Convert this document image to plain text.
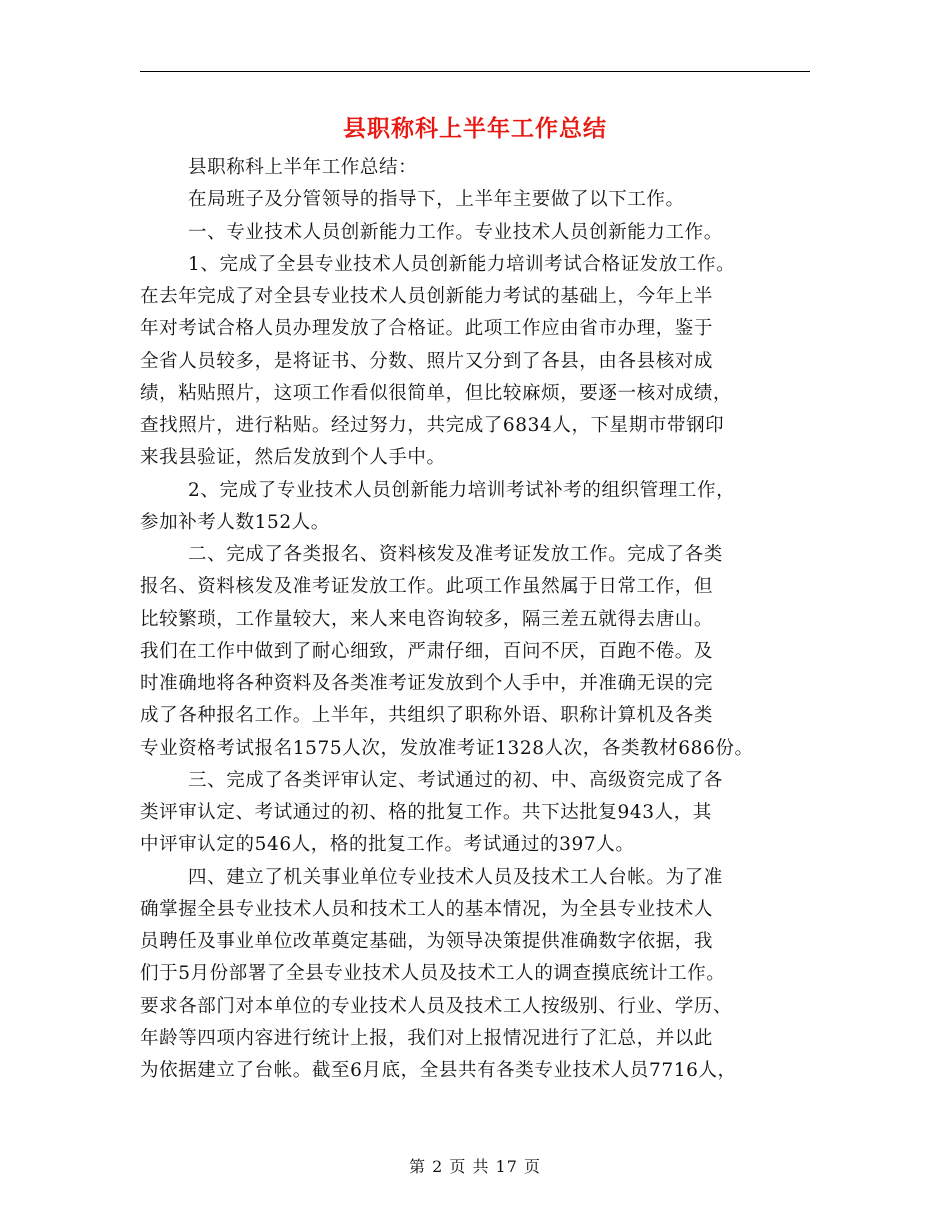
县职称科上半年工作总结
县职称科上半年工作总结：
在局班子及分管领导的指导下，上半年主要做了以下工作。
一、专业技术人员创新能力工作。专业技术人员创新能力工作。
1、完成了全县专业技术人员创新能力培训考试合格证发放工作。
在去年完成了对全县专业技术人员创新能力考试的基础上，今年上半
年对考试合格人员办理发放了合格证。此项工作应由省市办理，鉴于
全省人员较多，是将证书、分数、照片又分到了各县，由各县核对成
绩，粘贴照片，这项工作看似很简单，但比较麻烦，要逐一核对成绩，
查找照片，进行粘贴。经过努力，共完成了6834人，下星期市带钢印
来我县验证，然后发放到个人手中。
2、完成了专业技术人员创新能力培训考试补考的组织管理工作，
参加补考人数152人。
二、完成了各类报名、资料核发及准考证发放工作。完成了各类
报名、资料核发及准考证发放工作。此项工作虽然属于日常工作，但
比较繁琐，工作量较大，来人来电咨询较多，隔三差五就得去唐山。
我们在工作中做到了耐心细致，严肃仔细，百问不厌，百跑不倦。及
时准确地将各种资料及各类准考证发放到个人手中，并准确无误的完
成了各种报名工作。上半年，共组织了职称外语、职称计算机及各类
专业资格考试报名1575人次，发放准考证1328人次，各类教材686份。
三、完成了各类评审认定、考试通过的初、中、高级资完成了各
类评审认定、考试通过的初、格的批复工作。共下达批复943人，其
中评审认定的546人，格的批复工作。考试通过的397人。
四、建立了机关事业单位专业技术人员及技术工人台帐。为了准
确掌握全县专业技术人员和技术工人的基本情况，为全县专业技术人
员聘任及事业单位改革奠定基础，为领导决策提供准确数字依据，我
们于5月份部署了全县专业技术人员及技术工人的调查摸底统计工作。
要求各部门对本单位的专业技术人员及技术工人按级别、行业、学历、
年龄等四项内容进行统计上报，我们对上报情况进行了汇总，并以此
为依据建立了台帐。截至6月底，全县共有各类专业技术人员7716人，
第 2 页 共 17 页
